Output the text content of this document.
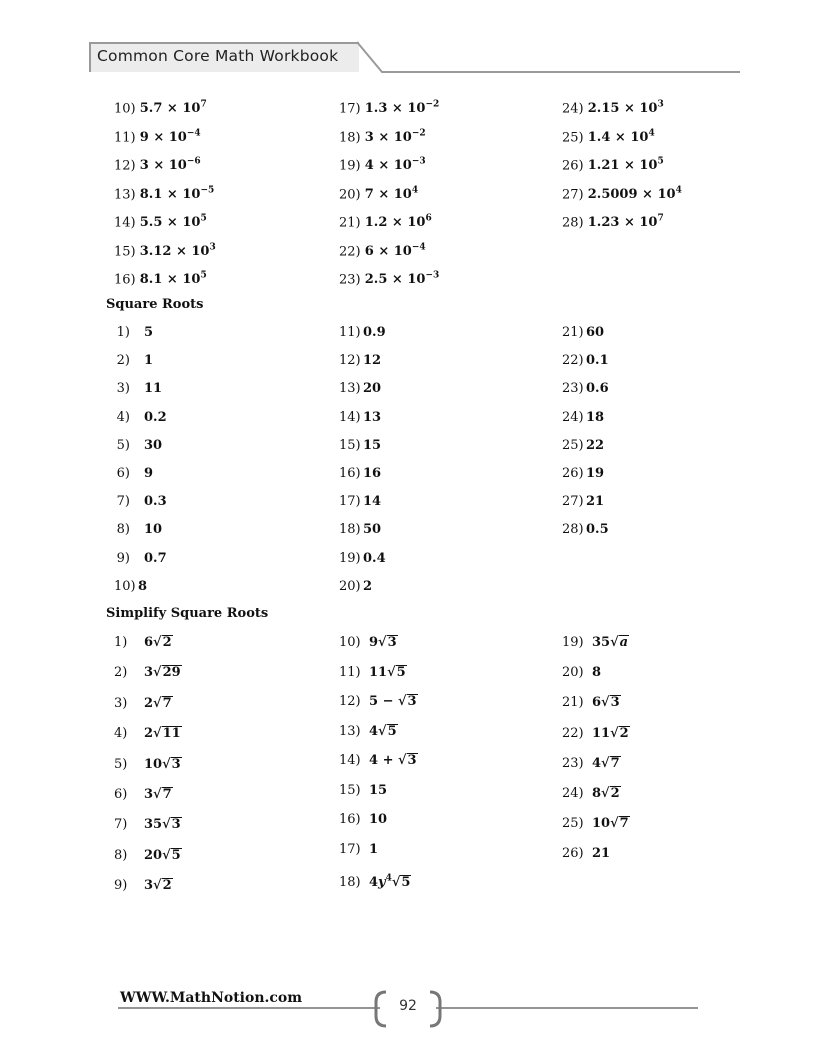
Common Core Math Workbook
10) $5.7 \times 10^7$
11) $9 \times 10^{-4}$
12) $3 \times 10^{-6}$
13) $8.1 \times 10^{-5}$
14) $5.5 \times 10^5$
15) $3.12 \times 10^3$
16) $8.1 \times 10^5$
17) $1.3 \times 10^{-2}$
18) $3 \times 10^{-2}$
19) $4 \times 10^{-3}$
20) $7 \times 10^4$
21) $1.2 \times 10^6$
22) $6 \times 10^{-4}$
23) $2.5 \times 10^{-3}$
24) $2.15 \times 10^3$
25) $1.4 \times 10^4$
26) $1.21 \times 10^5$
27) $2.5009 \times 10^4$
28) $1.23 \times 10^7$
Square Roots
1) 5
2) 1
3) 11
4) 0.2
5) 30
6) 9
7) 0.3
8) 10
9) 0.7
10) 8
11) 0.9
12) 12
13) 20
14) 13
15) 15
16) 16
17) 14
18) 50
19) 0.4
20) 2
21) 60
22) 0.1
23) 0.6
24) 18
25) 22
26) 19
27) 21
28) 0.5
Simplify Square Roots
1) 6√2
2) 3√29
3) 2√7
4) 2√11
5) 10√3
6) 3√7
7) 35√3
8) 20√5
9) 3√2
10) 9√3
11) 11√5
12) 5 − √3
13) 4√5
14) 4 + √3
15) 15
16) 10
17) 1
18) $4y^4√5$
19) 35√a
20) 8
21) 6√3
22) 11√2
23) 4√7
24) 8√2
25) 10√7
26) 21
WWW.MathNotion.com	92
